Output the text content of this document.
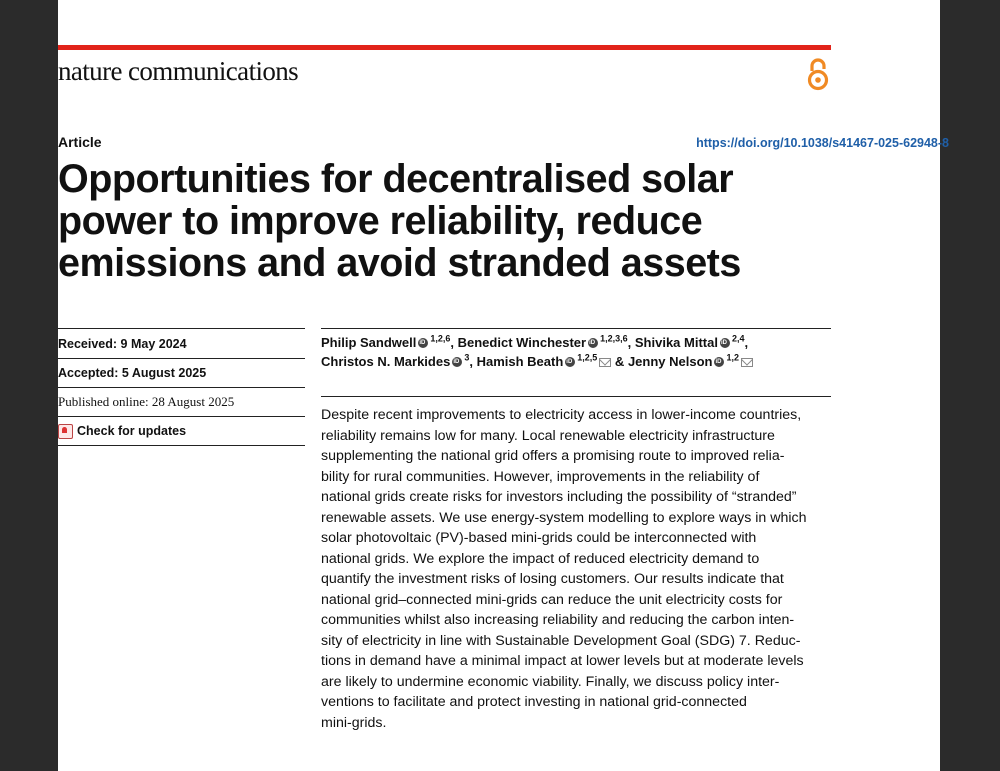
nature communications
Article	https://doi.org/10.1038/s41467-025-62948-8
Opportunities for decentralised solar power to improve reliability, reduce emissions and avoid stranded assets
Received: 9 May 2024
Accepted: 5 August 2025
Published online: 28 August 2025
Check for updates
Philip Sandwell iD $^{1,2,6}$, Benedict Winchester iD $^{1,2,3,6}$, Shivika Mittal iD $^{2,4}$,
Christos N. Markides iD $^3$, Hamish Beath iD $^{1,2,5}$ & Jenny Nelson iD $^{1,2}$

Despite recent improvements to electricity access in lower-income countries,
reliability remains low for many. Local renewable electricity infrastructure
supplementing the national grid offers a promising route to improved relia-
bility for rural communities. However, improvements in the reliability of
national grids create risks for investors including the possibility of “stranded”
renewable assets. We use energy-system modelling to explore ways in which
solar photovoltaic (PV)-based mini-grids could be interconnected with
national grids. We explore the impact of reduced electricity demand to
quantify the investment risks of losing customers. Our results indicate that
national grid–connected mini-grids can reduce the unit electricity costs for
communities whilst also increasing reliability and reducing the carbon inten-
sity of electricity in line with Sustainable Development Goal (SDG) 7. Reduc-
tions in demand have a minimal impact at lower levels but at moderate levels
are likely to undermine economic viability. Finally, we discuss policy inter-
ventions to facilitate and protect investing in national grid-connected
mini-grids.
